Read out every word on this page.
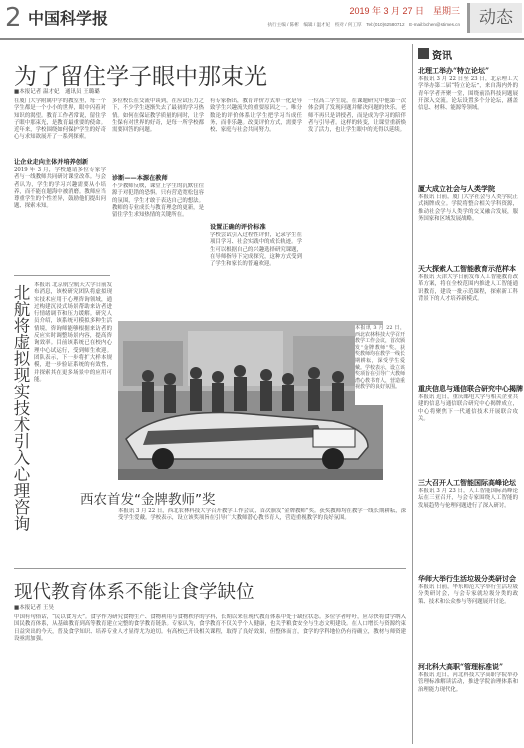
2 中国科学报	2019 年 3 月 27 日　星期三
执行主编 / 陈彬　编辑 / 温才妃　校对 / 何工厚　Tel:(010)62580712　E-mail:bchen@stimes.cn	动态
为了留住学子眼中那束光
■本报记者 温才妃　通讯员 王璐璐
在厦门大学附属中学的教室里，每一个学生都是一个小小的世界，眼中闪着对知识的渴望。教育工作者常说，留住学子眼中那束光，是教育最重要的使命。近年来，学校围绕如何保护学生的好奇心与求知欲展开了一系列探索。
让企业走向主体并培养创新
2019 年 3 月，学校邀请多位专家学者与一线教师共同研讨课堂改革。与会者认为，学生的学习兴趣需要从小培养，而不能在题海中被消磨。教师应当尊重学生的个性差异，鼓励他们提出问题、探索未知。
多位校长在交流中谈到，在应试压力之下，不少学生逐渐失去了最初的学习热情。如何在保证教学质量的同时，让学生保有对世界的好奇，是每一所学校都需要回答的问题。
诊断——本源在教师
不少教师反映，课堂上学生的沉默往往源于对犯错的恐惧。只有营造宽松包容的氛围，学生才敢于表达自己的想法。教师的专业成长与教育理念的更新，是留住学生求知热情的关键所在。
有专家指出，教育评价方式单一化是导致学生兴趣流失的重要原因之一。唯分数论的评价体系让学生把学习当成任务，而非乐趣。改变评价方式，需要学校、家庭与社会共同努力。
设置正确的评价标准
学校尝试引入过程性评价，记录学生在项目学习、社会实践中的成长轨迹。学生可以根据自己的兴趣选择研究课题，在导师指导下完成探究，这种方式受到了学生和家长的普遍欢迎。
一位高二学生说，在课题研究中他第一次体会到了发现问题并解决问题的快乐。老师不再只是讲授者，而是成为学习的陪伴者与引导者。这样的转变，让课堂重新焕发了活力，也让学生眼中的光得以延续。
北航将虚拟现实技术引入心理咨询 本报讯 北京航空航天大学日前发布消息，该校研究团队将虚拟现实技术应用于心理咨询领域，通过构建沉浸式场景帮助来访者进行情绪调节和压力缓解。研究人员介绍，该系统可模拟多种生活情境，咨询师能够根据来访者的反应实时调整场景内容，提高咨询效率。目前该系统已在校内心理中心试运行，受到师生欢迎。团队表示，下一步将扩大样本规模，进一步验证系统的有效性，并探索其在更多场景中的应用可能。
本报讯 3 月 22 日，西北农林科技大学召开教学工作会议，首次颁发“金牌教师”奖。获奖教师均在教学一线长期耕耘，深受学生爱戴。学校表示，设立该奖项旨在引导广大教师潜心教书育人，营造重视教学的良好氛围。
西农首发“金牌教师”奖
本报讯 3 月 22 日，西北农林科技大学召开教学工作会议，首次颁发“金牌教师”奖。获奖教师均在教学一线长期耕耘，深受学生爱戴。学校表示，设立该奖项旨在引导广大教师潜心教书育人，营造重视教学的良好氛围。
现代教育体系不能让食学缺位
■本报记者 王昊
中国有句俗话，“民以食为天”。食学作为研究食物生产、食物利用与食物秩序的学科，长期以来在现代教育体系中处于缺位状态。多位学者呼吁，应尽快将食学纳入国民教育体系，从基础教育到高等教育建立完整的食学教育链条。专家认为，食学教育不仅关乎个人健康，也关乎粮食安全与生态文明建设。在人口增长与资源约束日益突出的今天，普及食学知识、培养专业人才显得尤为迫切。有高校已开设相关课程，取得了良好效果，但整体而言，食学的学科地位仍有待确立，教材与师资建设亟需加强。
资讯
北理工举办“特立论坛”
本报讯 3 月 22 日至 23 日，北京理工大学举办第二届“特立论坛”，来自海内外的青年学者齐聚一堂，围绕前沿科技问题展开深入交流。论坛设置多个分论坛，涵盖信息、材料、能源等领域。
厦大成立社会与人类学院
本报讯 日前，厦门大学社会与人类学院正式揭牌成立。学院将整合相关学科资源，推动社会学与人类学的交叉融合发展，服务国家和区域发展战略。
天大探索人工智能教育示范样本
本报讯 天津大学日前发布人工智能教育改革方案，将在全校范围内推进人工智能通识教育，建设一批示范课程，探索新工科背景下的人才培养新模式。
重庆信息与通信联合研究中心揭牌
本报讯 近日，重庆邮电大学与相关企业共建的信息与通信联合研究中心揭牌成立，中心将聚焦下一代通信技术开展联合攻关。
三大召开人工智能国际高峰论坛
本报讯 3 月 23 日，人工智能国际高峰论坛在三亚召开，与会专家围绕人工智能的发展趋势与伦理问题进行了深入研讨。
华师大举行生活垃圾分类研讨会
本报讯 日前，华东师范大学举行生活垃圾分类研讨会，与会专家就垃圾分类的政策、技术和公众参与等问题展开讨论。
河北科大高职“管理标准说”
本报讯 近日，河北科技大学高职学院举办管理标准解读活动，推进学院治理体系和治理能力现代化。
